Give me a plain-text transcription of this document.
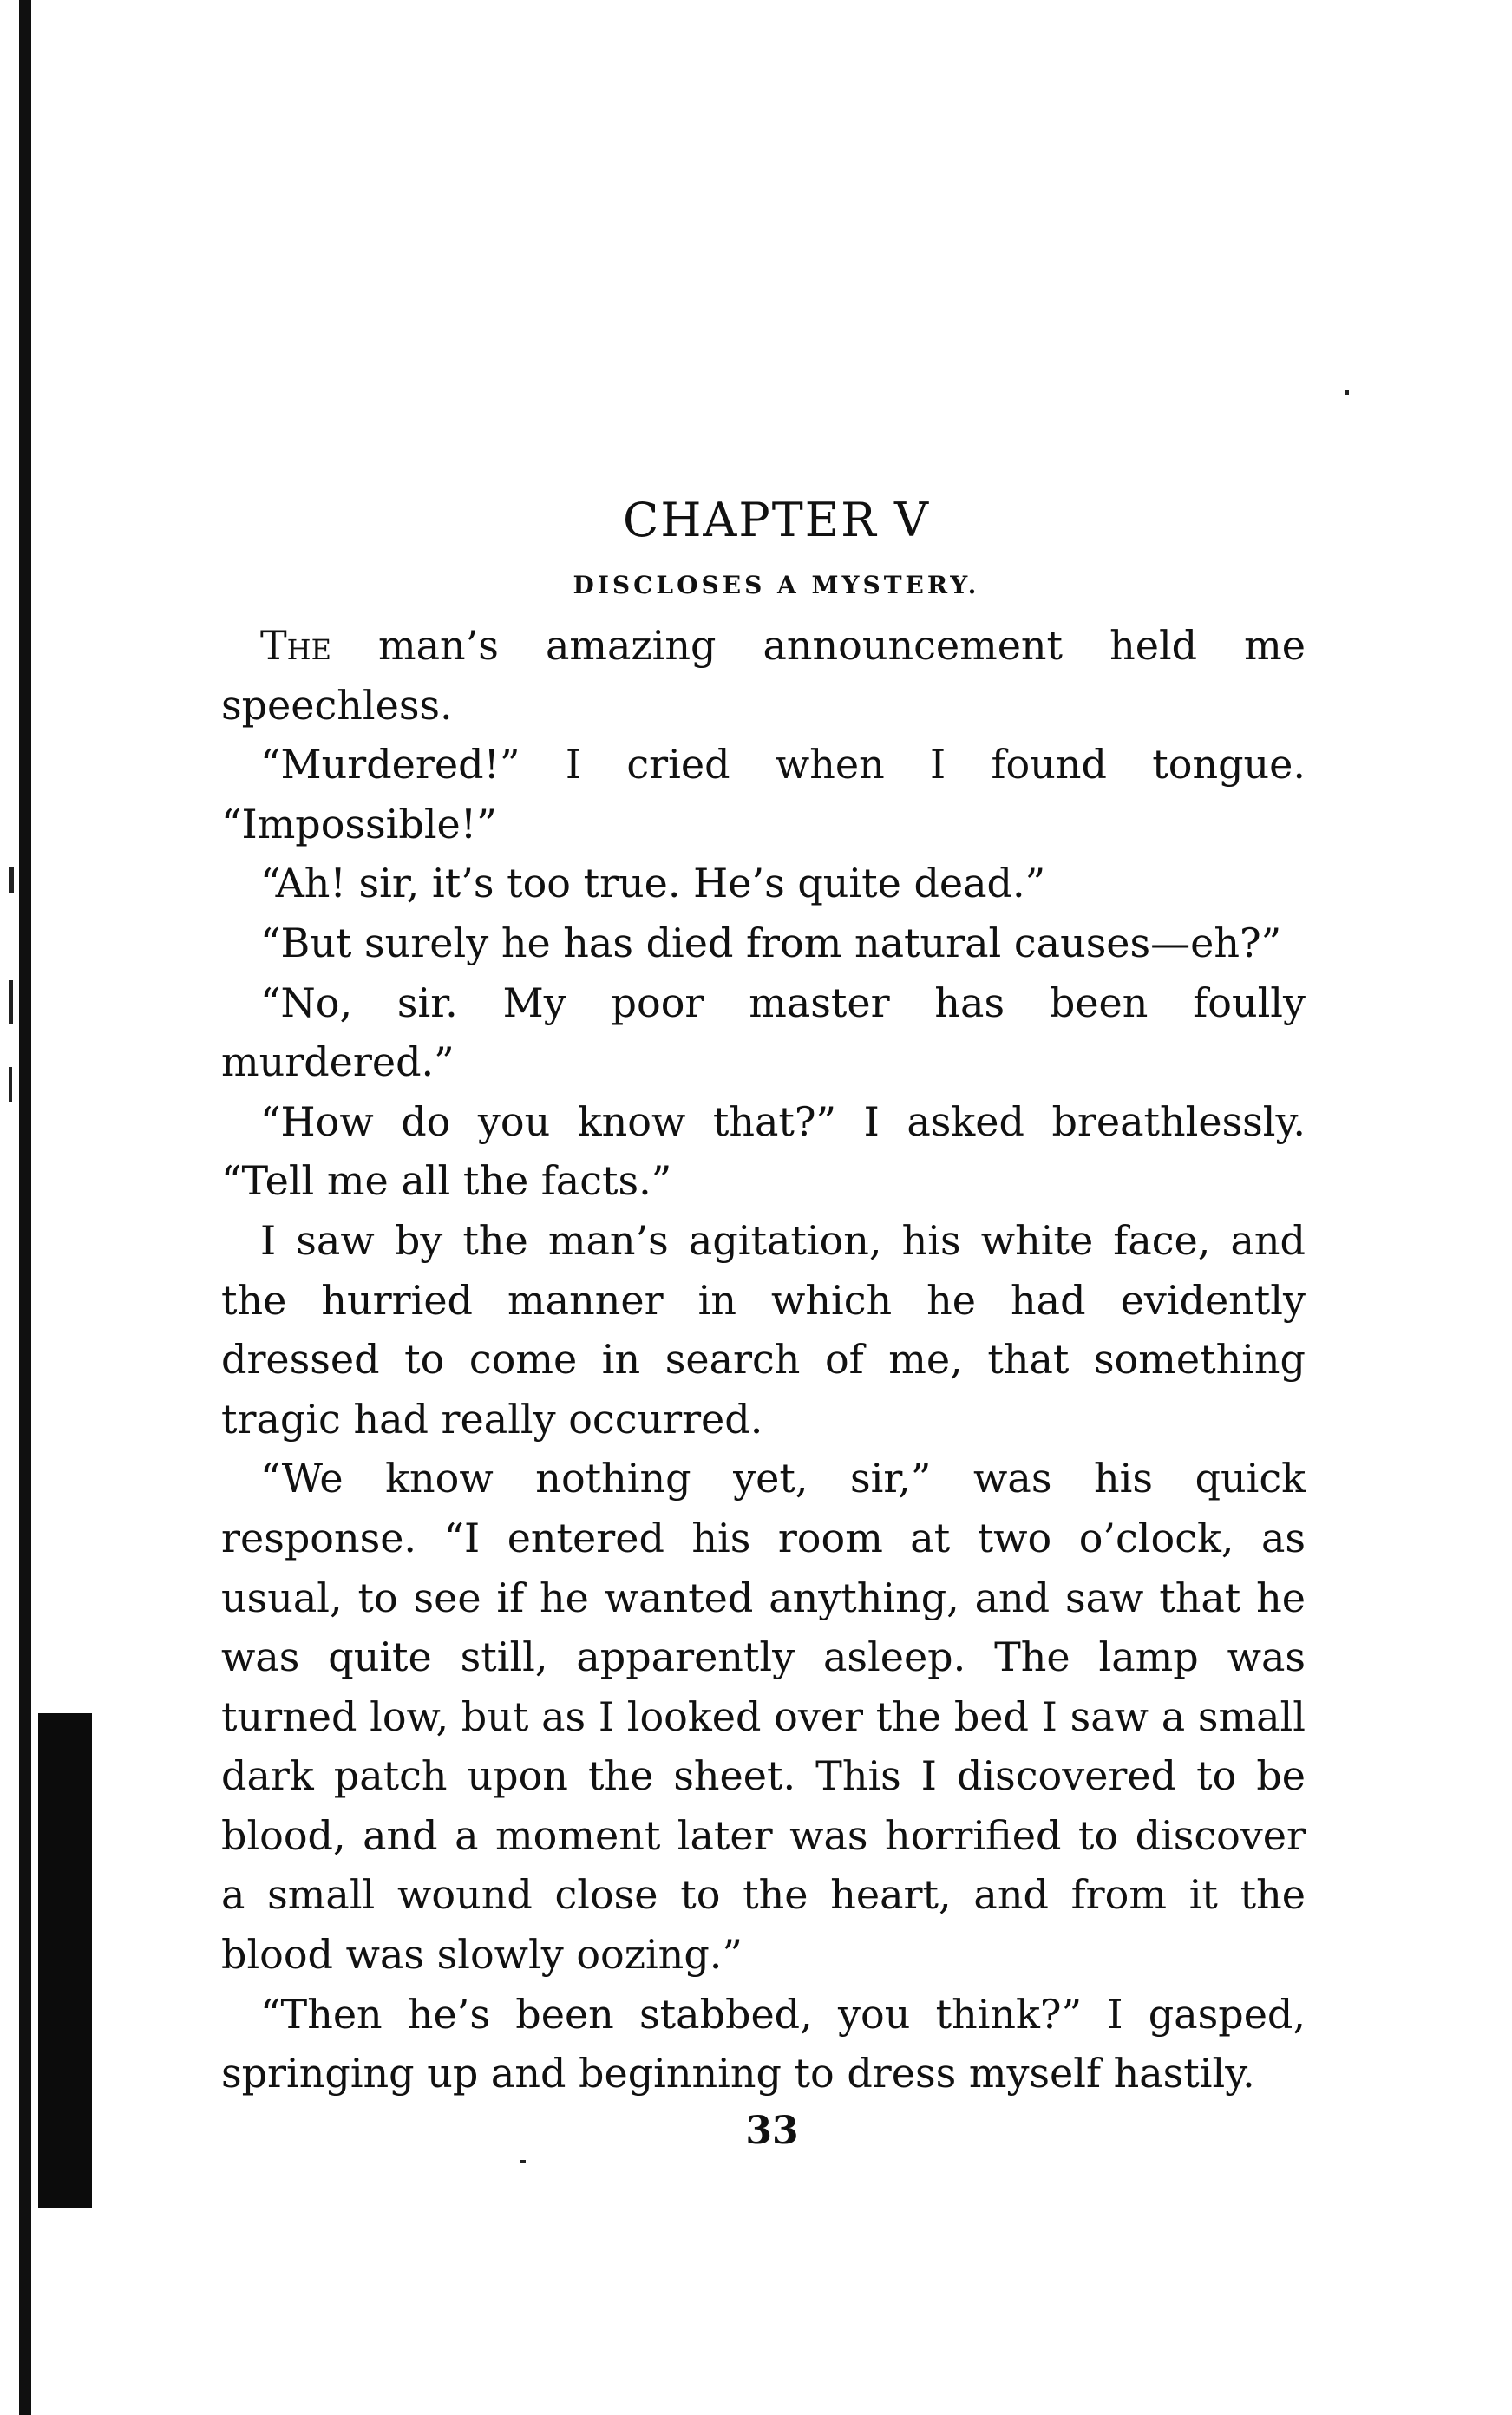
CHAPTER V
DISCLOSES A MYSTERY.

The man’s amazing announcement held me speechless.

“Murdered!” I cried when I found tongue. “Impossible!”

“Ah! sir, it’s too true. He’s quite dead.”

“But surely he has died from natural causes—eh?”

“No, sir. My poor master has been foully murdered.”

“How do you know that?” I asked breathlessly. “Tell me all the facts.”

I saw by the man’s agitation, his white face, and the hurried manner in which he had evidently dressed to come in search of me, that something tragic had really occurred.

“We know nothing yet, sir,” was his quick response. “I entered his room at two o’clock, as usual, to see if he wanted anything, and saw that he was quite still, apparently asleep. The lamp was turned low, but as I looked over the bed I saw a small dark patch upon the sheet. This I discovered to be blood, and a moment later was horrified to discover a small wound close to the heart, and from it the blood was slowly oozing.”

“Then he’s been stabbed, you think?” I gasped, springing up and beginning to dress myself hastily.

33
